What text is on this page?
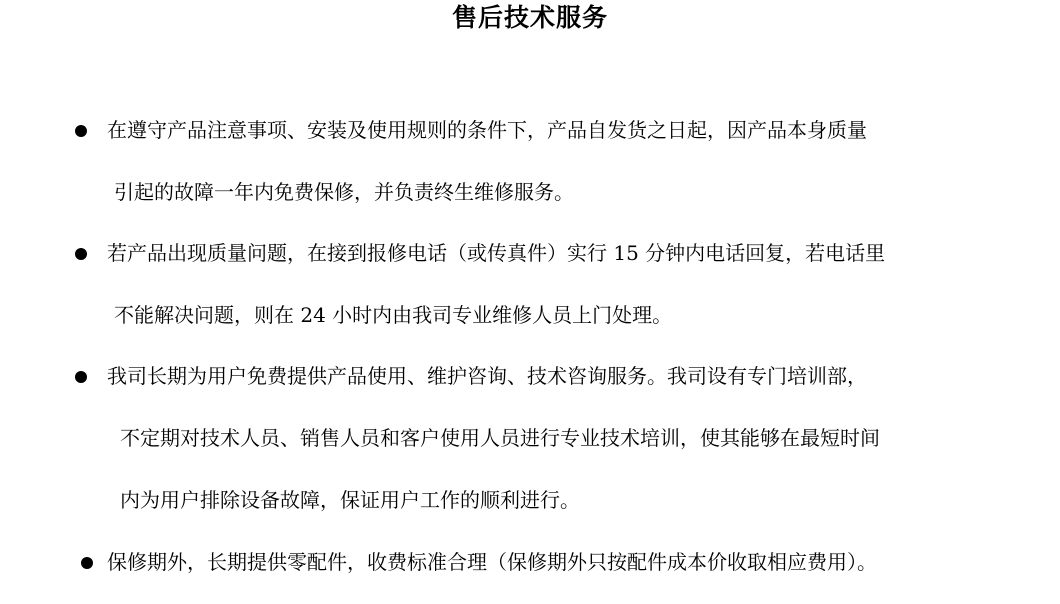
售后技术服务
在遵守产品注意事项、安装及使用规则的条件下，产品自发货之日起，因产品本身质量
引起的故障一年内免费保修，并负责终生维修服务。
若产品出现质量问题，在接到报修电话（或传真件）实行 15 分钟内电话回复，若电话里
不能解决问题，则在 24 小时内由我司专业维修人员上门处理。
我司长期为用户免费提供产品使用、维护咨询、技术咨询服务。我司设有专门培训部，
不定期对技术人员、销售人员和客户使用人员进行专业技术培训，使其能够在最短时间
内为用户排除设备故障，保证用户工作的顺利进行。
保修期外，长期提供零配件，收费标准合理（保修期外只按配件成本价收取相应费用）。
